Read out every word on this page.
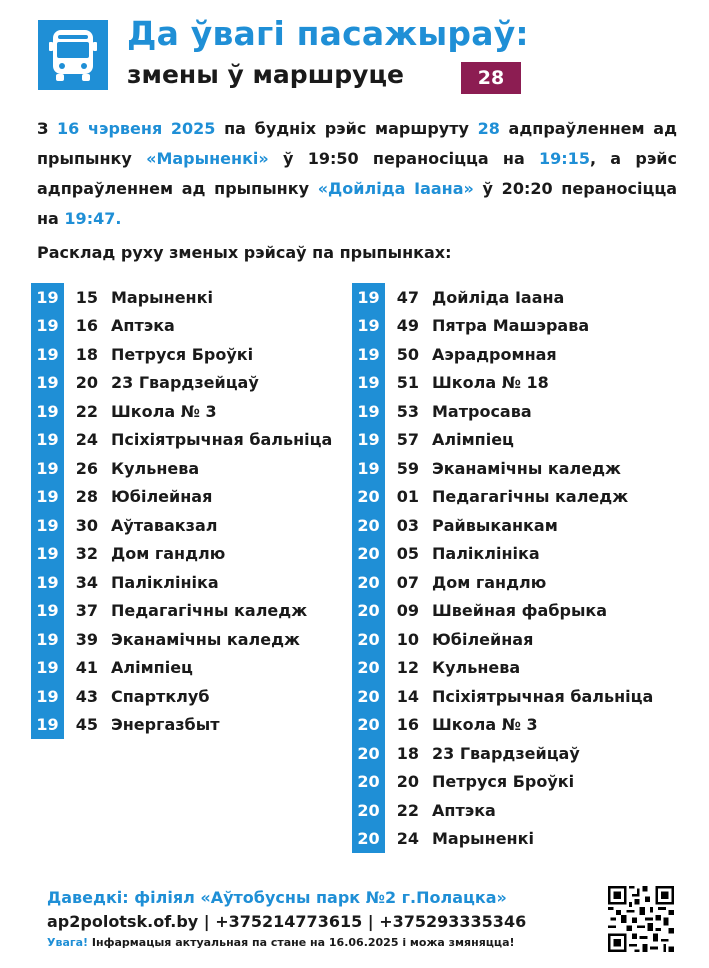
Да ўвагі пасажыраў:
змены ў маршруце	28
З 16 чэрвеня 2025 па будніх рэйс маршруту 28 адпраўленнем ад прыпынку «Марыненкі» ў 19:50 пераносіцца на 19:15, а рэйс адпраўленнем ад прыпынку «Дойліда Іаана» ў 20:20 пераносіцца на 19:47.
Расклад руху зменых рэйсаў па прыпынках:
19	15 Марыненкі
19	16 Аптэка
19	18 Петруся Броўкі
19	20 23 Гвардзейцаў
19	22 Школа № 3
19	24 Псіхіятрычная бальніца
19	26 Кульнева
19	28 Юбілейная
19	30 Аўтавакзал
19	32 Дом гандлю
19	34 Паліклініка
19	37 Педагагічны каледж
19	39 Эканамічны каледж
19	41 Алімпіец
19	43 Спартклуб
19	45 Энергазбыт
19	47 Дойліда Іаана
19	49 Пятра Машэрава
19	50 Аэрадромная
19	51 Школа № 18
19	53 Матросава
19	57 Алімпіец
19	59 Эканамічны каледж
20	01 Педагагічны каледж
20	03 Райвыканкам
20	05 Паліклініка
20	07 Дом гандлю
20	09 Швейная фабрыка
20	10 Юбілейная
20	12 Кульнева
20	14 Псіхіятрычная бальніца
20	16 Школа № 3
20	18 23 Гвардзейцаў
20	20 Петруся Броўкі
20	22 Аптэка
20	24 Марыненкі
Даведкі: філіял «Аўтобусны парк №2 г.Полацка»
ap2polotsk.of.by | +375214773615 | +375293335346
Увага! Інфармацыя актуальная па стане на 16.06.2025 і можа змяняцца!
